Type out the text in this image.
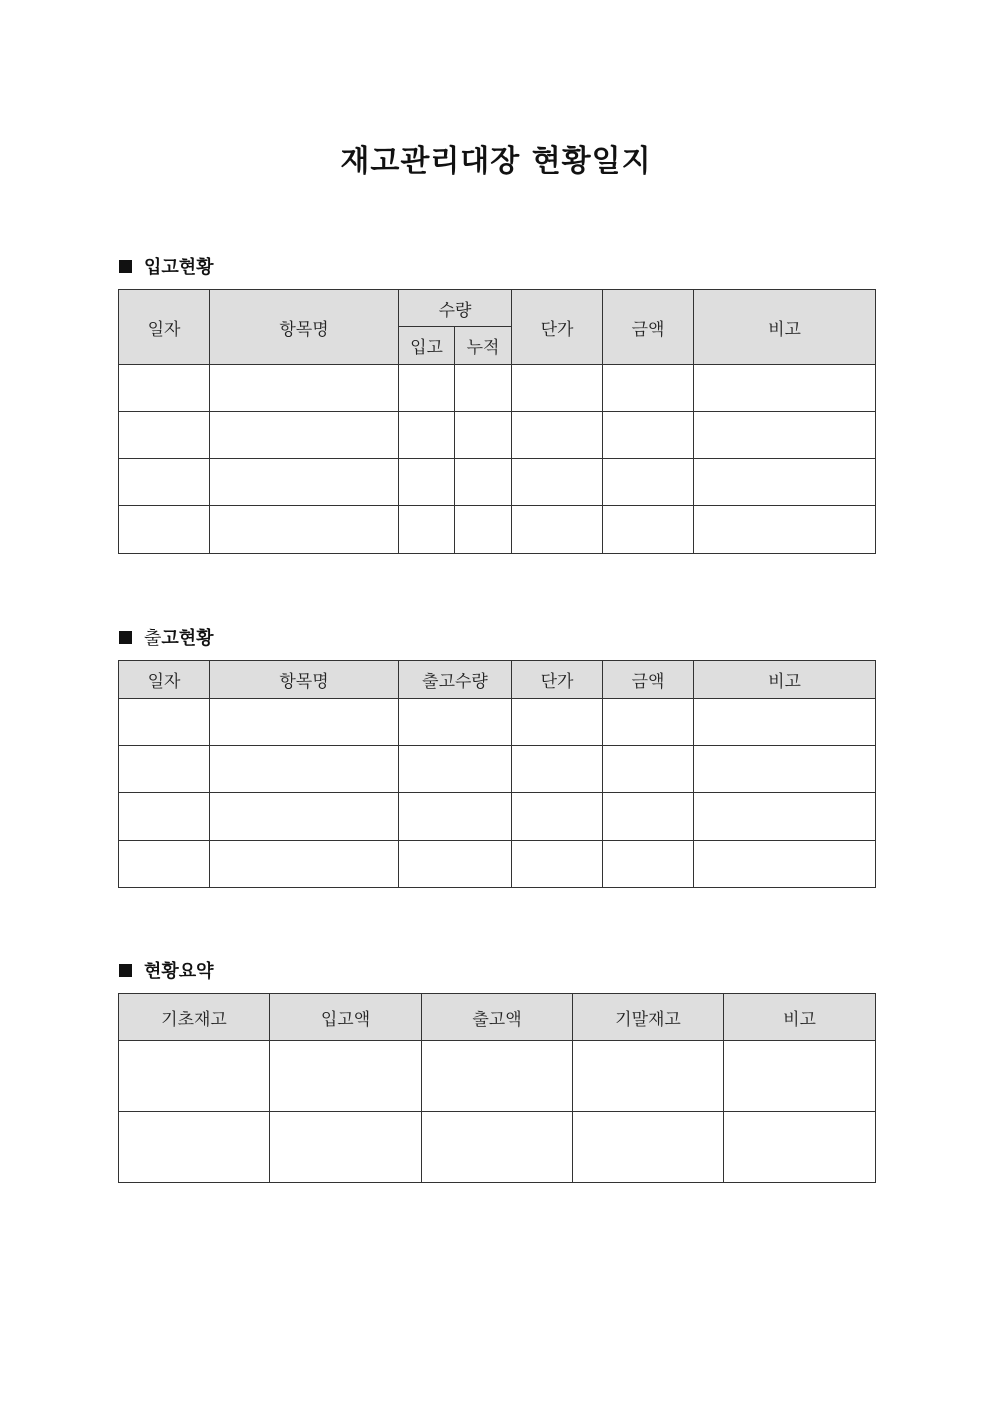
재고관리대장 현황일지
입고현황
일자	항목명	수량		단가	금액	비고
		입고	누적			

출 고현황
일자	항목명	출고수량	단가	금액	비고

현황요약
기초재고	입고액	출고액	기말재고	비고
